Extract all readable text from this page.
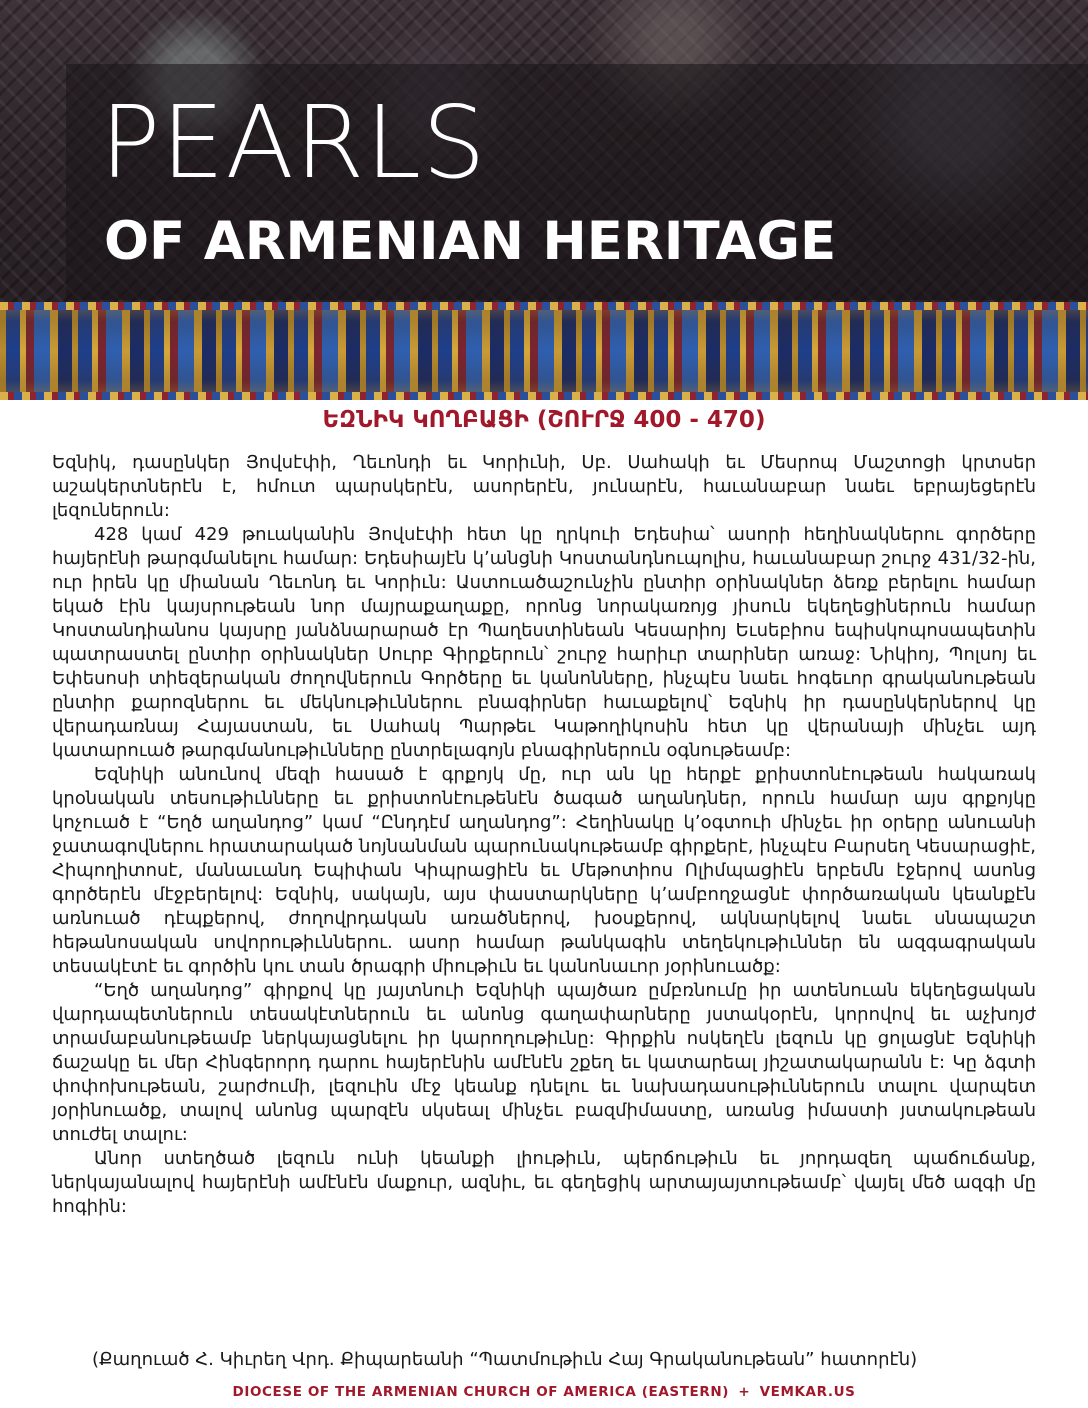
PEARLS
OF ARMENIAN HERITAGE
ԵԶՆԻԿ ԿՈՂԲԱՑԻ (ՇՈՒՐՋ 400 - 470)

Եզնիկ, դասընկեր Յովսէփի, Ղեւոնդի եւ Կորիւնի, Սբ. Սահակի եւ Մեսրոպ Մաշտոցի կրտսեր աշակերտներէն է, հմուտ պարսկերէն, ասորերէն, յունարէն, հաւանաբար նաեւ եբրայեցերէն լեզուներուն:

428 կամ 429 թուականին Յովսէփի հետ կը ղրկուի Եդեսիա՝ ասորի հեղինակներու գործերը հայերէնի թարգմանելու համար: Եդեսիայէն կ՚անցնի Կոստանդնուպոլիս, հաւանաբար շուրջ 431/32-ին, ուր իրեն կը միանան Ղեւոնդ եւ Կորիւն: Աստուածաշունչին ընտիր օրինակներ ձեռք բերելու համար եկած էին կայսրութեան նոր մայրաքաղաքը, որոնց նորակառոյց յիսուն եկեղեցիներուն համար Կոստանդիանոս կայսրը յանձնարարած էր Պաղեստինեան Կեսարիոյ Եւսեբիոս եպիսկոպոսապետին պատրաստել ընտիր օրինակներ Սուրբ Գիրքերուն՝ շուրջ հարիւր տարիներ առաջ: Նիկիոյ, Պոլսոյ եւ Եփեսոսի տիեզերական ժողովներուն Գործերը եւ կանոնները, ինչպէս նաեւ հոգեւոր գրականութեան ընտիր քարոզներու եւ մեկնութիւններու բնագիրներ հաւաքելով՝ Եզնիկ իր դասընկերներով կը վերադառնայ Հայաստան, եւ Սահակ Պարթեւ Կաթողիկոսին հետ կը վերանայի մինչեւ այդ կատարուած թարգմանութիւնները ընտրելագոյն բնագիրներուն օգնութեամբ:

Եզնիկի անունով մեզի հասած է գրքոյկ մը, ուր ան կը հերքէ քրիստոնէութեան հակառակ կրօնական տեսութիւնները եւ քրիստոնէութենէն ծագած աղանդներ, որուն համար այս գրքոյկը կոչուած է “Եղծ աղանդոց” կամ “Ընդդէմ աղանդոց”: Հեղինակը կ՚օգտուի մինչեւ իր օրերը անուանի ջատագովներու հրատարակած նոյնանման պարունակութեամբ գիրքերէ, ինչպէս Բարսեղ Կեսարացիէ, Հիպողիտոսէ, մանաւանդ Եպիփան Կիպրացիէն եւ Մեթոտիոս Ոլիմպացիէն երբեմն էջերով ասոնց գործերէն մէջբերելով: Եզնիկ, սակայն, այս փաստարկները կ՚ամբողջացնէ փործառական կեանքէն առնուած դէպքերով, ժողովրդական առածներով, խօսքերով, ակնարկելով նաեւ սնապաշտ հեթանոսական սովորութիւններու. ասոր համար թանկագին տեղեկութիւններ են ազգագրական տեսակէտէ եւ գործին կու տան ծրագրի միութիւն եւ կանոնաւոր յօրինուածք:

“Եղծ աղանդոց” գիրքով կը յայտնուի Եզնիկի պայծառ ըմբռնումը իր ատենուան եկեղեցական վարդապետներուն տեսակէտներուն եւ անոնց գաղափարները յստակօրէն, կորովով եւ աչխոյժ տրամաբանութեամբ ներկայացնելու իր կարողութիւնը: Գիրքին ոսկեղէն լեզուն կը ցոլացնէ Եզնիկի ճաշակը եւ մեր Հինգերորդ դարու հայերէնին ամէնէն շքեղ եւ կատարեալ յիշատակարանն է: Կը ձգտի փոփոխութեան, շարժումի, լեզուին մէջ կեանք դնելու եւ նախադասութիւններուն տալու վարպետ յօրինուածք, տալով անոնց պարզէն սկսեալ մինչեւ բազմիմաստը, առանց իմաստի յստակութեան տուժել տալու:

Անոր ստեղծած լեզուն ունի կեանքի լիութիւն, պերճութիւն եւ յորդազեղ պաճուճանք, ներկայանալով հայերէնի ամէնէն մաքուր, ազնիւ, եւ գեղեցիկ արտայայտութեամբ՝ վայել մեծ ազգի մը հոգիին:

(Քաղուած Հ. Կիւրեղ Վրդ. Քիպարեանի “Պատմութիւն Հայ Գրականութեան” հատորէն)

DIOCESE OF THE ARMENIAN CHURCH OF AMERICA (EASTERN) + VEMKAR.US
